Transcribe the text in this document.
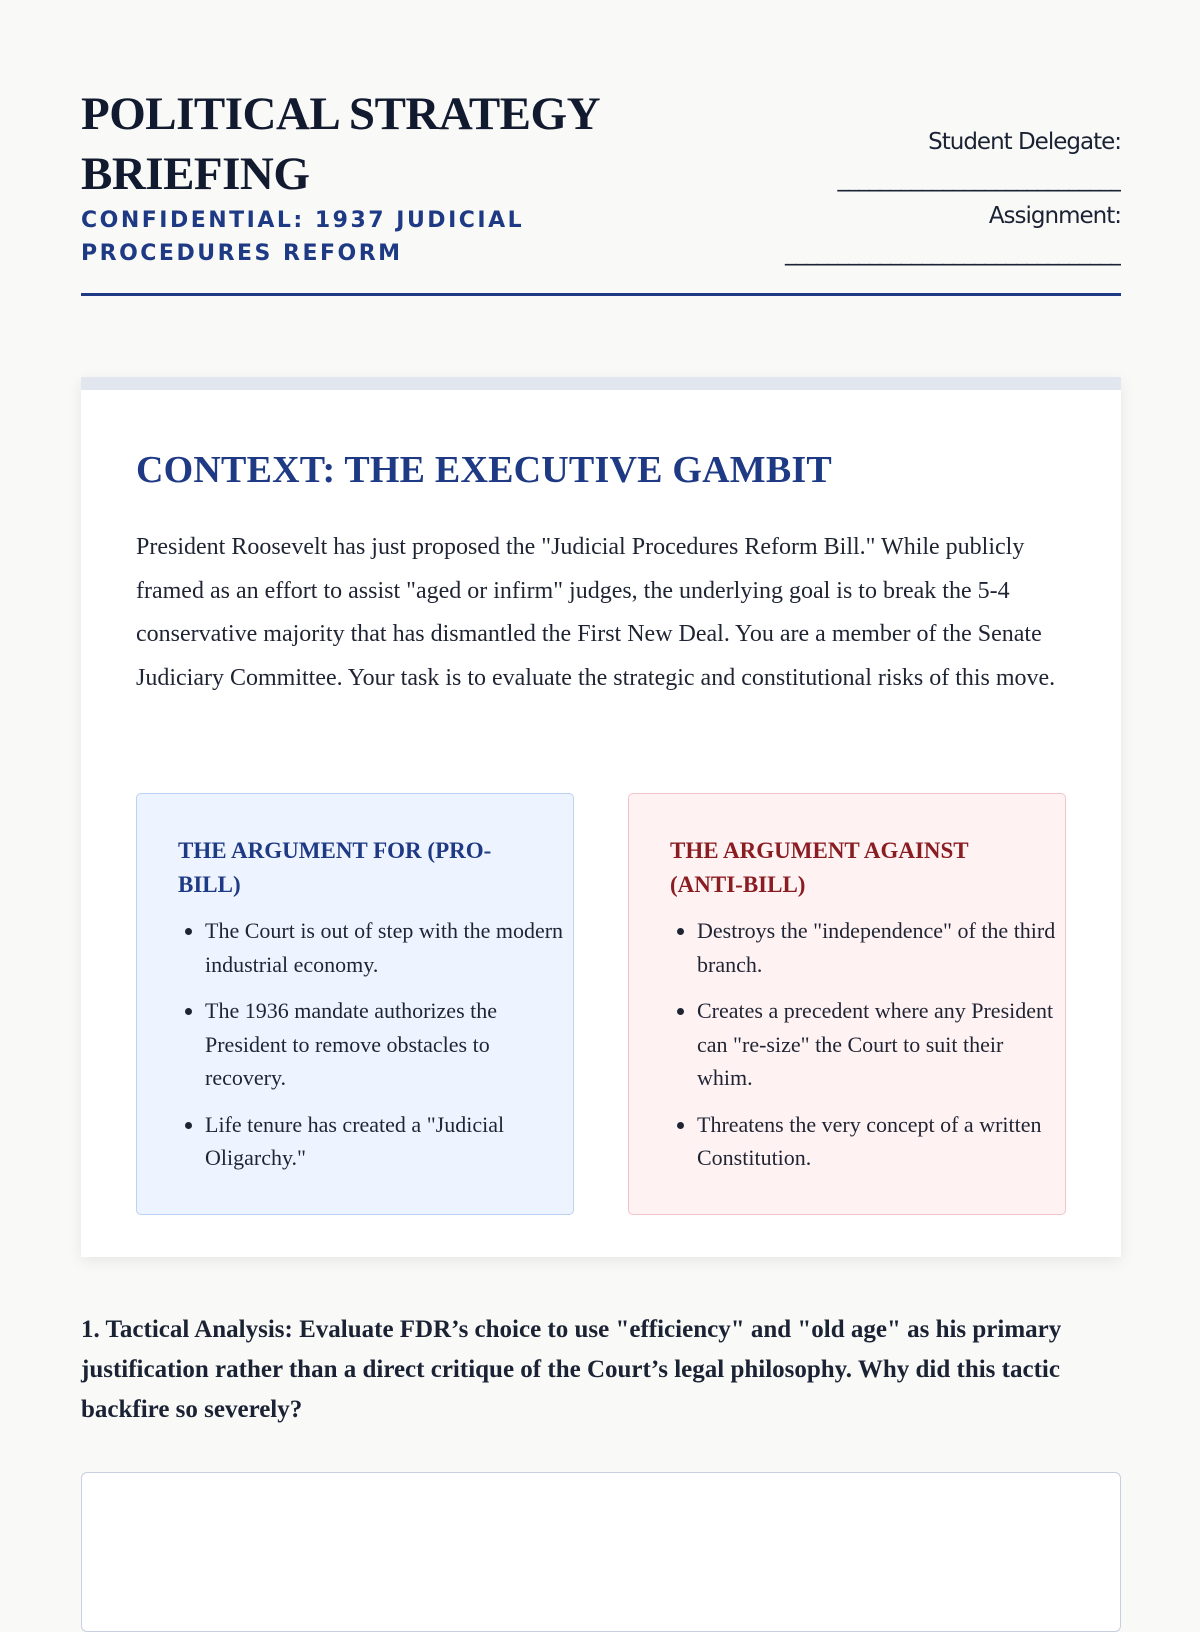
POLITICAL STRATEGY BRIEFING
CONFIDENTIAL: 1937 JUDICIAL PROCEDURES REFORM
Student Delegate:
___________________________
Assignment:
________________________________
CONTEXT: THE EXECUTIVE GAMBIT
President Roosevelt has just proposed the "Judicial Procedures Reform Bill." While publicly framed as an effort to assist "aged or infirm" judges, the underlying goal is to break the 5-4 conservative majority that has dismantled the First New Deal. You are a member of the Senate Judiciary Committee. Your task is to evaluate the strategic and constitutional risks of this move.
THE ARGUMENT FOR (PRO-BILL)
• The Court is out of step with the modern industrial economy.
• The 1936 mandate authorizes the President to remove obstacles to recovery.
• Life tenure has created a "Judicial Oligarchy."
THE ARGUMENT AGAINST (ANTI-BILL)
• Destroys the "independence" of the third branch.
• Creates a precedent where any President can "re-size" the Court to suit their whim.
• Threatens the very concept of a written Constitution.
1. Tactical Analysis: Evaluate FDR’s choice to use "efficiency" and "old age" as his primary justification rather than a direct critique of the Court’s legal philosophy. Why did this tactic backfire so severely?
